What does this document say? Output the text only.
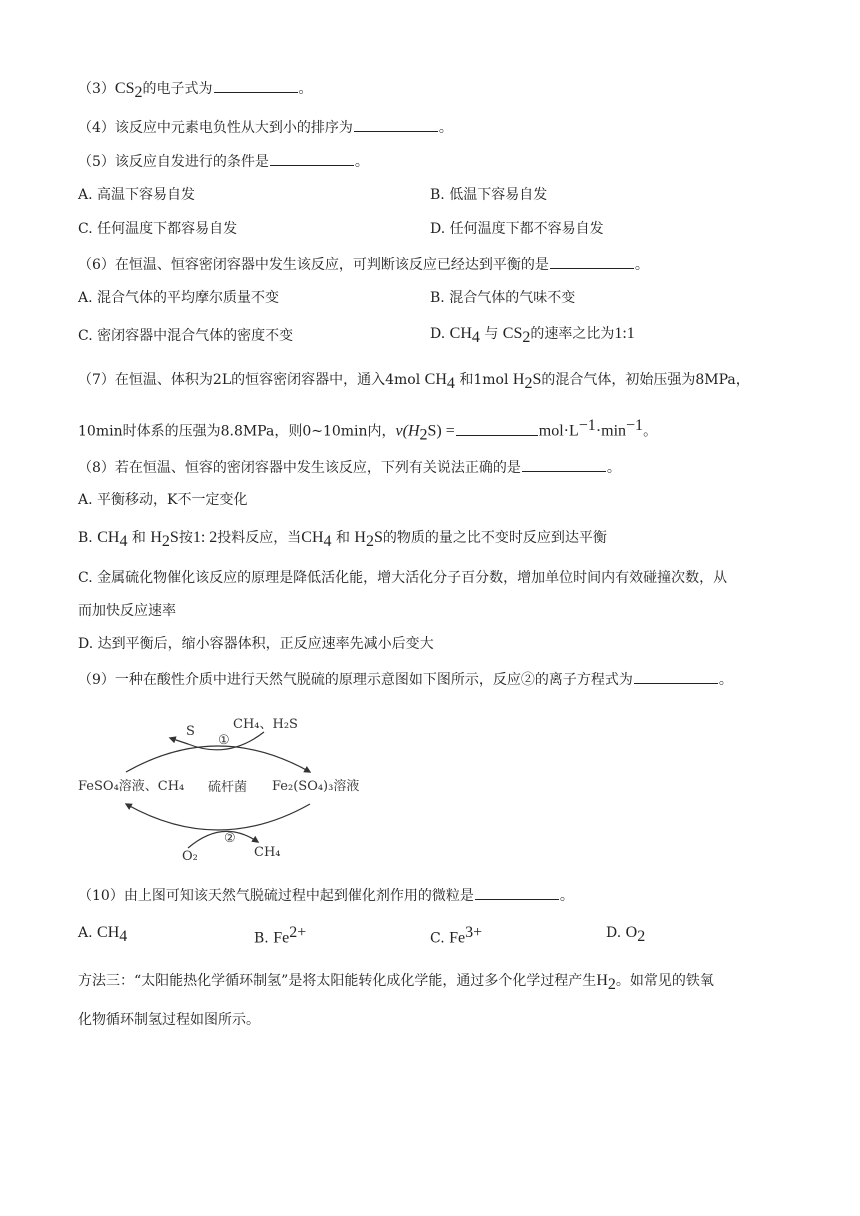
$(3)CS_2$的电子式为	。
（4）该反应中元素电负性从大到小的排序为	。
（5）该反应自发进行的条件是	。
A. 高温下容易自发	B. 低温下容易自发
C. 任何温度下都容易自发	D. 任何温度下都不容易自发
（6）在恒温、恒容密闭容器中发生该反应，可判断该反应已经达到平衡的是	。
A. 混合气体的平均摩尔质量不变	B. 混合气体的气味不变
C. 密闭容器中混合气体的密度不变	D. $CH_4$ 与 $CS_2$的速率之比为1:1
（7）在恒温、体积为2L的恒容密闭容器中，通入4mol $CH_4$ 和1mol $H_2S$的混合气体，初始压强为8MPa，
10min时体系的压强为8.8MPa，则0~10min内，$v(H_2S)$ =	$mol\cdot L^{-1}\cdot\min^{-1}$。
（8）若在恒温、恒容的密闭容器中发生该反应，下列有关说法正确的是	。
A. 平衡移动，K不一定变化
B. $CH_4$ 和 $H_2S$按1: 2投料反应，当$CH_4$ 和 $H_2S$的物质的量之比不变时反应到达平衡
C. 金属硫化物催化该反应的原理是降低活化能，增大活化分子百分数，增加单位时间内有效碰撞次数，从
而加快反应速率
D. 达到平衡后，缩小容器体积，正反应速率先减小后变大
（9）一种在酸性介质中进行天然气脱硫的原理示意图如下图所示，反应②的离子方程式为	。
S
①
CH₄、H₂S
FeSO₄溶液、CH₄ 硫杆菌 Fe₂(SO₄)₃溶液
②
O₂	CH₄
（10）由上图可知该天然气脱硫过程中起到催化剂作用的微粒是	。
A. $CH_4$	B. $Fe^{2+}$	C. $Fe^{3+}$	D. $O_2$
方法三：“太阳能热化学循环制氢”是将太阳能转化成化学能，通过多个化学过程产生$H_2$。如常见的铁氧
化物循环制氢过程如图所示。
